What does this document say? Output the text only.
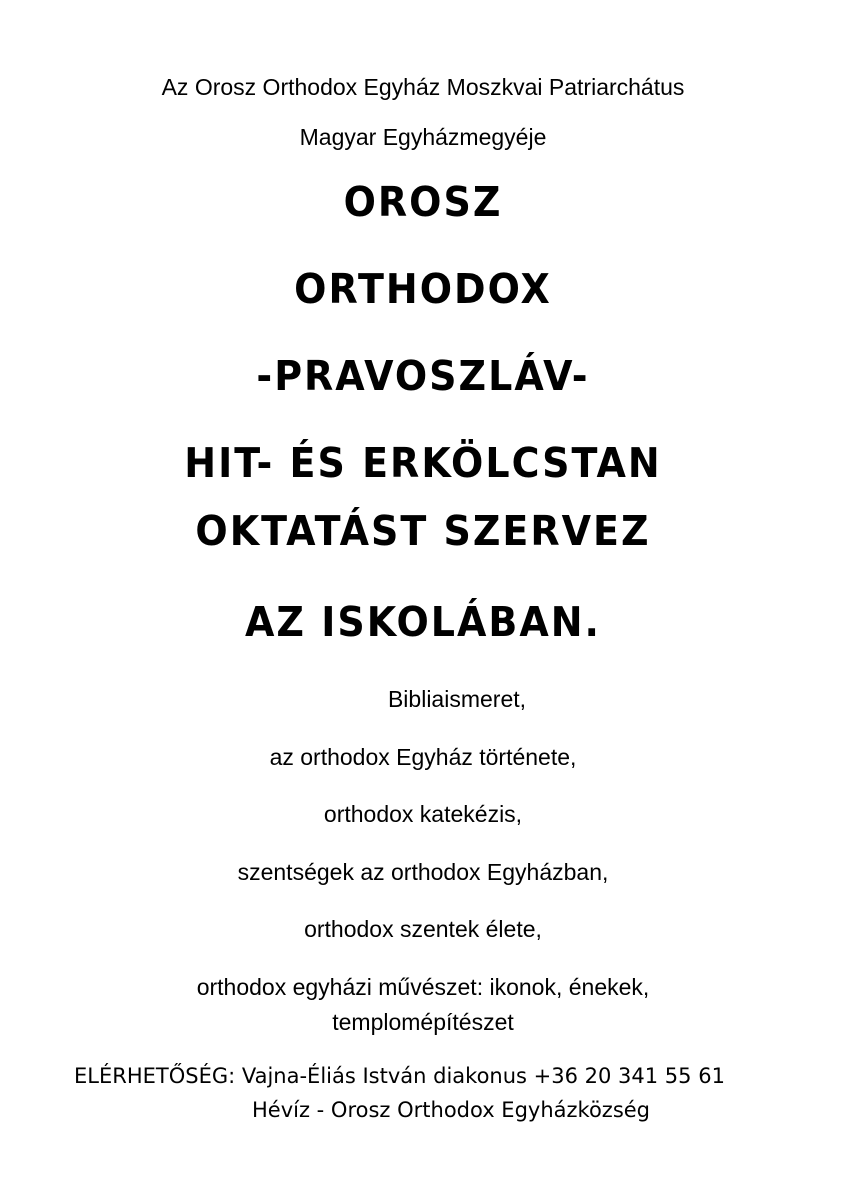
Az Orosz Orthodox Egyház Moszkvai Patriarchátus
Magyar Egyházmegyéje
OROSZ
ORTHODOX
-PRAVOSZLÁV-
HIT- ÉS ERKÖLCSTAN
OKTATÁST SZERVEZ
AZ ISKOLÁBAN.
Bibliaismeret,
az orthodox Egyház története,
orthodox katekézis,
szentségek az orthodox Egyházban,
orthodox szentek élete,
orthodox egyházi művészet: ikonok, énekek,
templomépítészet
ELÉRHETŐSÉG: Vajna-Éliás István diakonus +36 20 341 55 61
Hévíz - Orosz Orthodox Egyházközség
